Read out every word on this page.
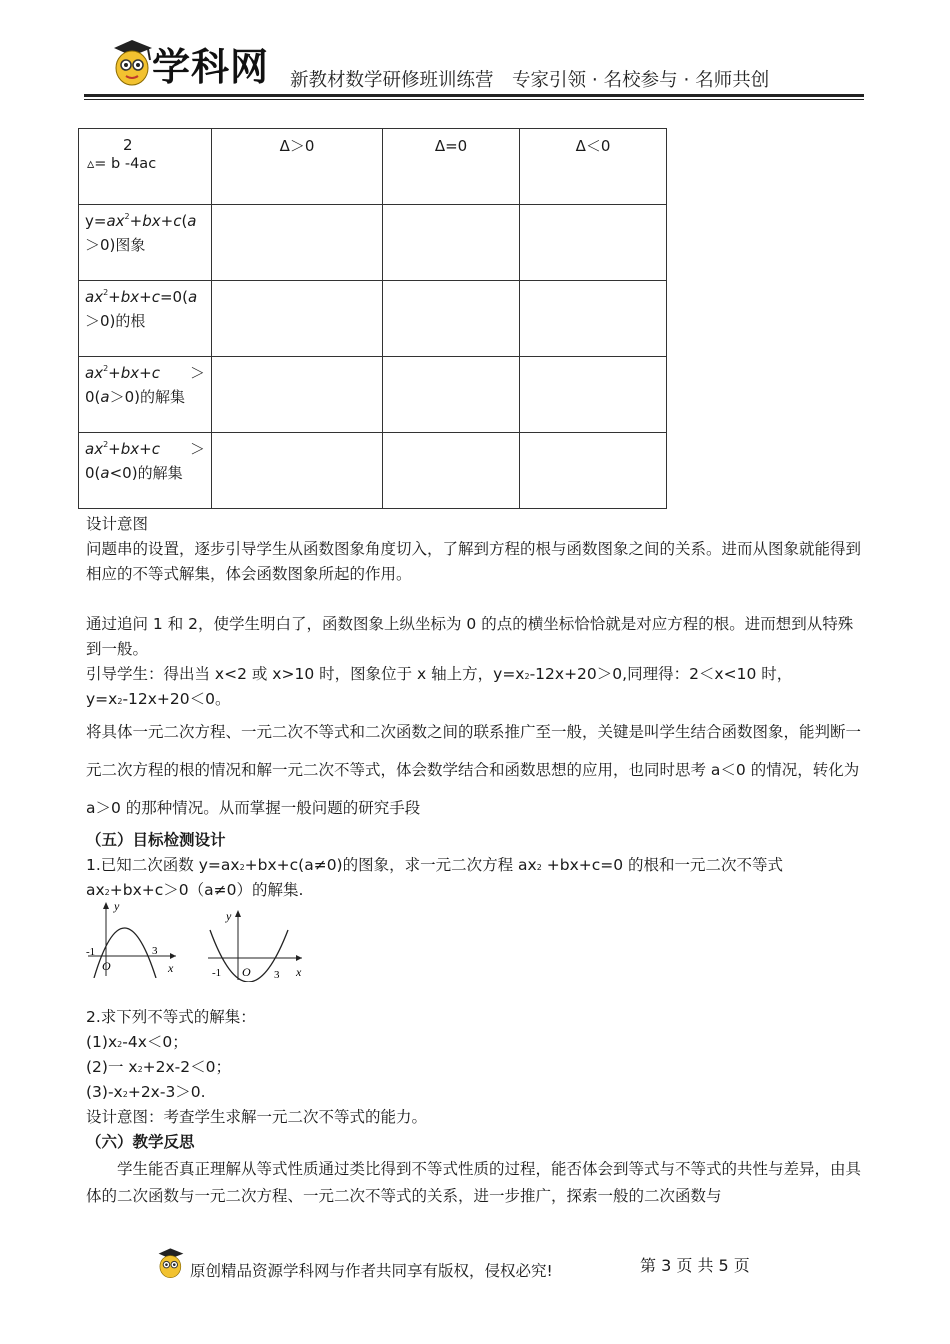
学科网 新教材数学研修班训练营　专家引领 · 名校参与 · 名师共创
2
▵= b -4ac	Δ＞0	Δ=0	Δ＜0
$y=ax^2+bx+c(a$
＞0)图象			
$ax^2+bx+c=0(a$
＞0)的根			
$ax^2+bx+c$　　＞ 0(a＞0)的解集			
$ax^2+bx+c$　　＞ 0(a<0)的解集			
设计意图
问题串的设置，逐步引导学生从函数图象角度切入，了解到方程的根与函数图象之间的关系。进而从图象就能得到相应的不等式解集，体会函数图象所起的作用。
通过追问 1 和 2，使学生明白了，函数图象上纵坐标为 0 的点的横坐标恰恰就是对应方程的根。进而想到从特殊到一般。
引导学生：得出当 x<2 或 x>10 时，图象位于 x 轴上方，$y=x^2-12x+20>0$,同理得：2＜x<10 时，
$y=x^2-12x+20<0$。
将具体一元二次方程、一元二次不等式和二次函数之间的联系推广至一般，关键是叫学生结合函数图象，能判断一元二次方程的根的情况和解一元二次不等式，体会数学结合和函数思想的应用，也同时思考 a＜0 的情况，转化为 a＞0 的那种情况。从而掌握一般问题的研究手段
（五）目标检测设计
1.已知二次函数 $y=ax^2+bx+c(a\ne 0)$的图象，求一元二次方程 $ax^2 +bx+c=0$ 的根和一元二次不等式
$ax^2+bx+c>0(a\ne 0)$的解集.
y
x
O
-1	3
y
x
O
-1	3
2.求下列不等式的解集：
$(1)x^2-4x<0$；
(2)一 $x^2+2x-2<0$；
$(3)-x^2+2x-3>0$.
设计意图：考查学生求解一元二次不等式的能力。
（六）教学反思
学生能否真正理解从等式性质通过类比得到不等式性质的过程，能否体会到等式与不等式的共性与差异，由具体的二次函数与一元二次方程、一元二次不等式的关系，进一步推广，探索一般的二次函数与
原创精品资源学科网与作者共同享有版权，侵权必究!	第 3 页 共 5 页
